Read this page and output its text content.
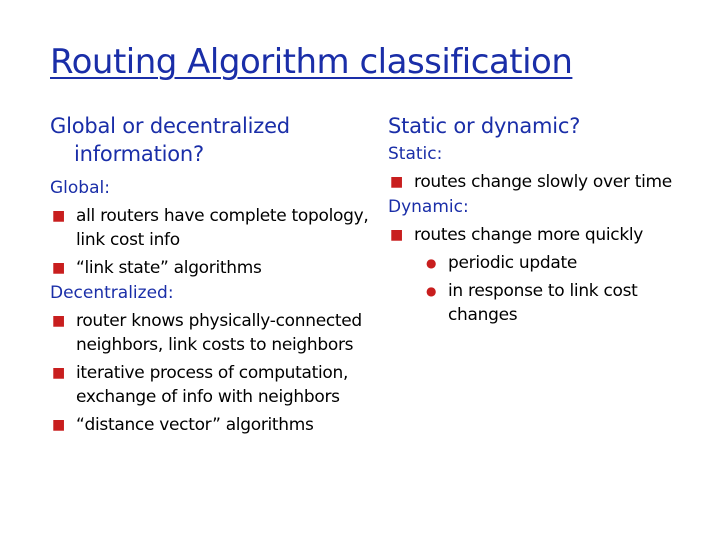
Routing Algorithm classification
Global or decentralized information?
Global:
■ all routers have complete topology, link cost info
■ “link state” algorithms
Decentralized:
■ router knows physically-connected neighbors, link costs to neighbors
■ iterative process of computation, exchange of info with neighbors
■ “distance vector” algorithms
Static or dynamic?
Static:
■ routes change slowly over time
Dynamic:
■ routes change more quickly
● periodic update
● in response to link cost changes
